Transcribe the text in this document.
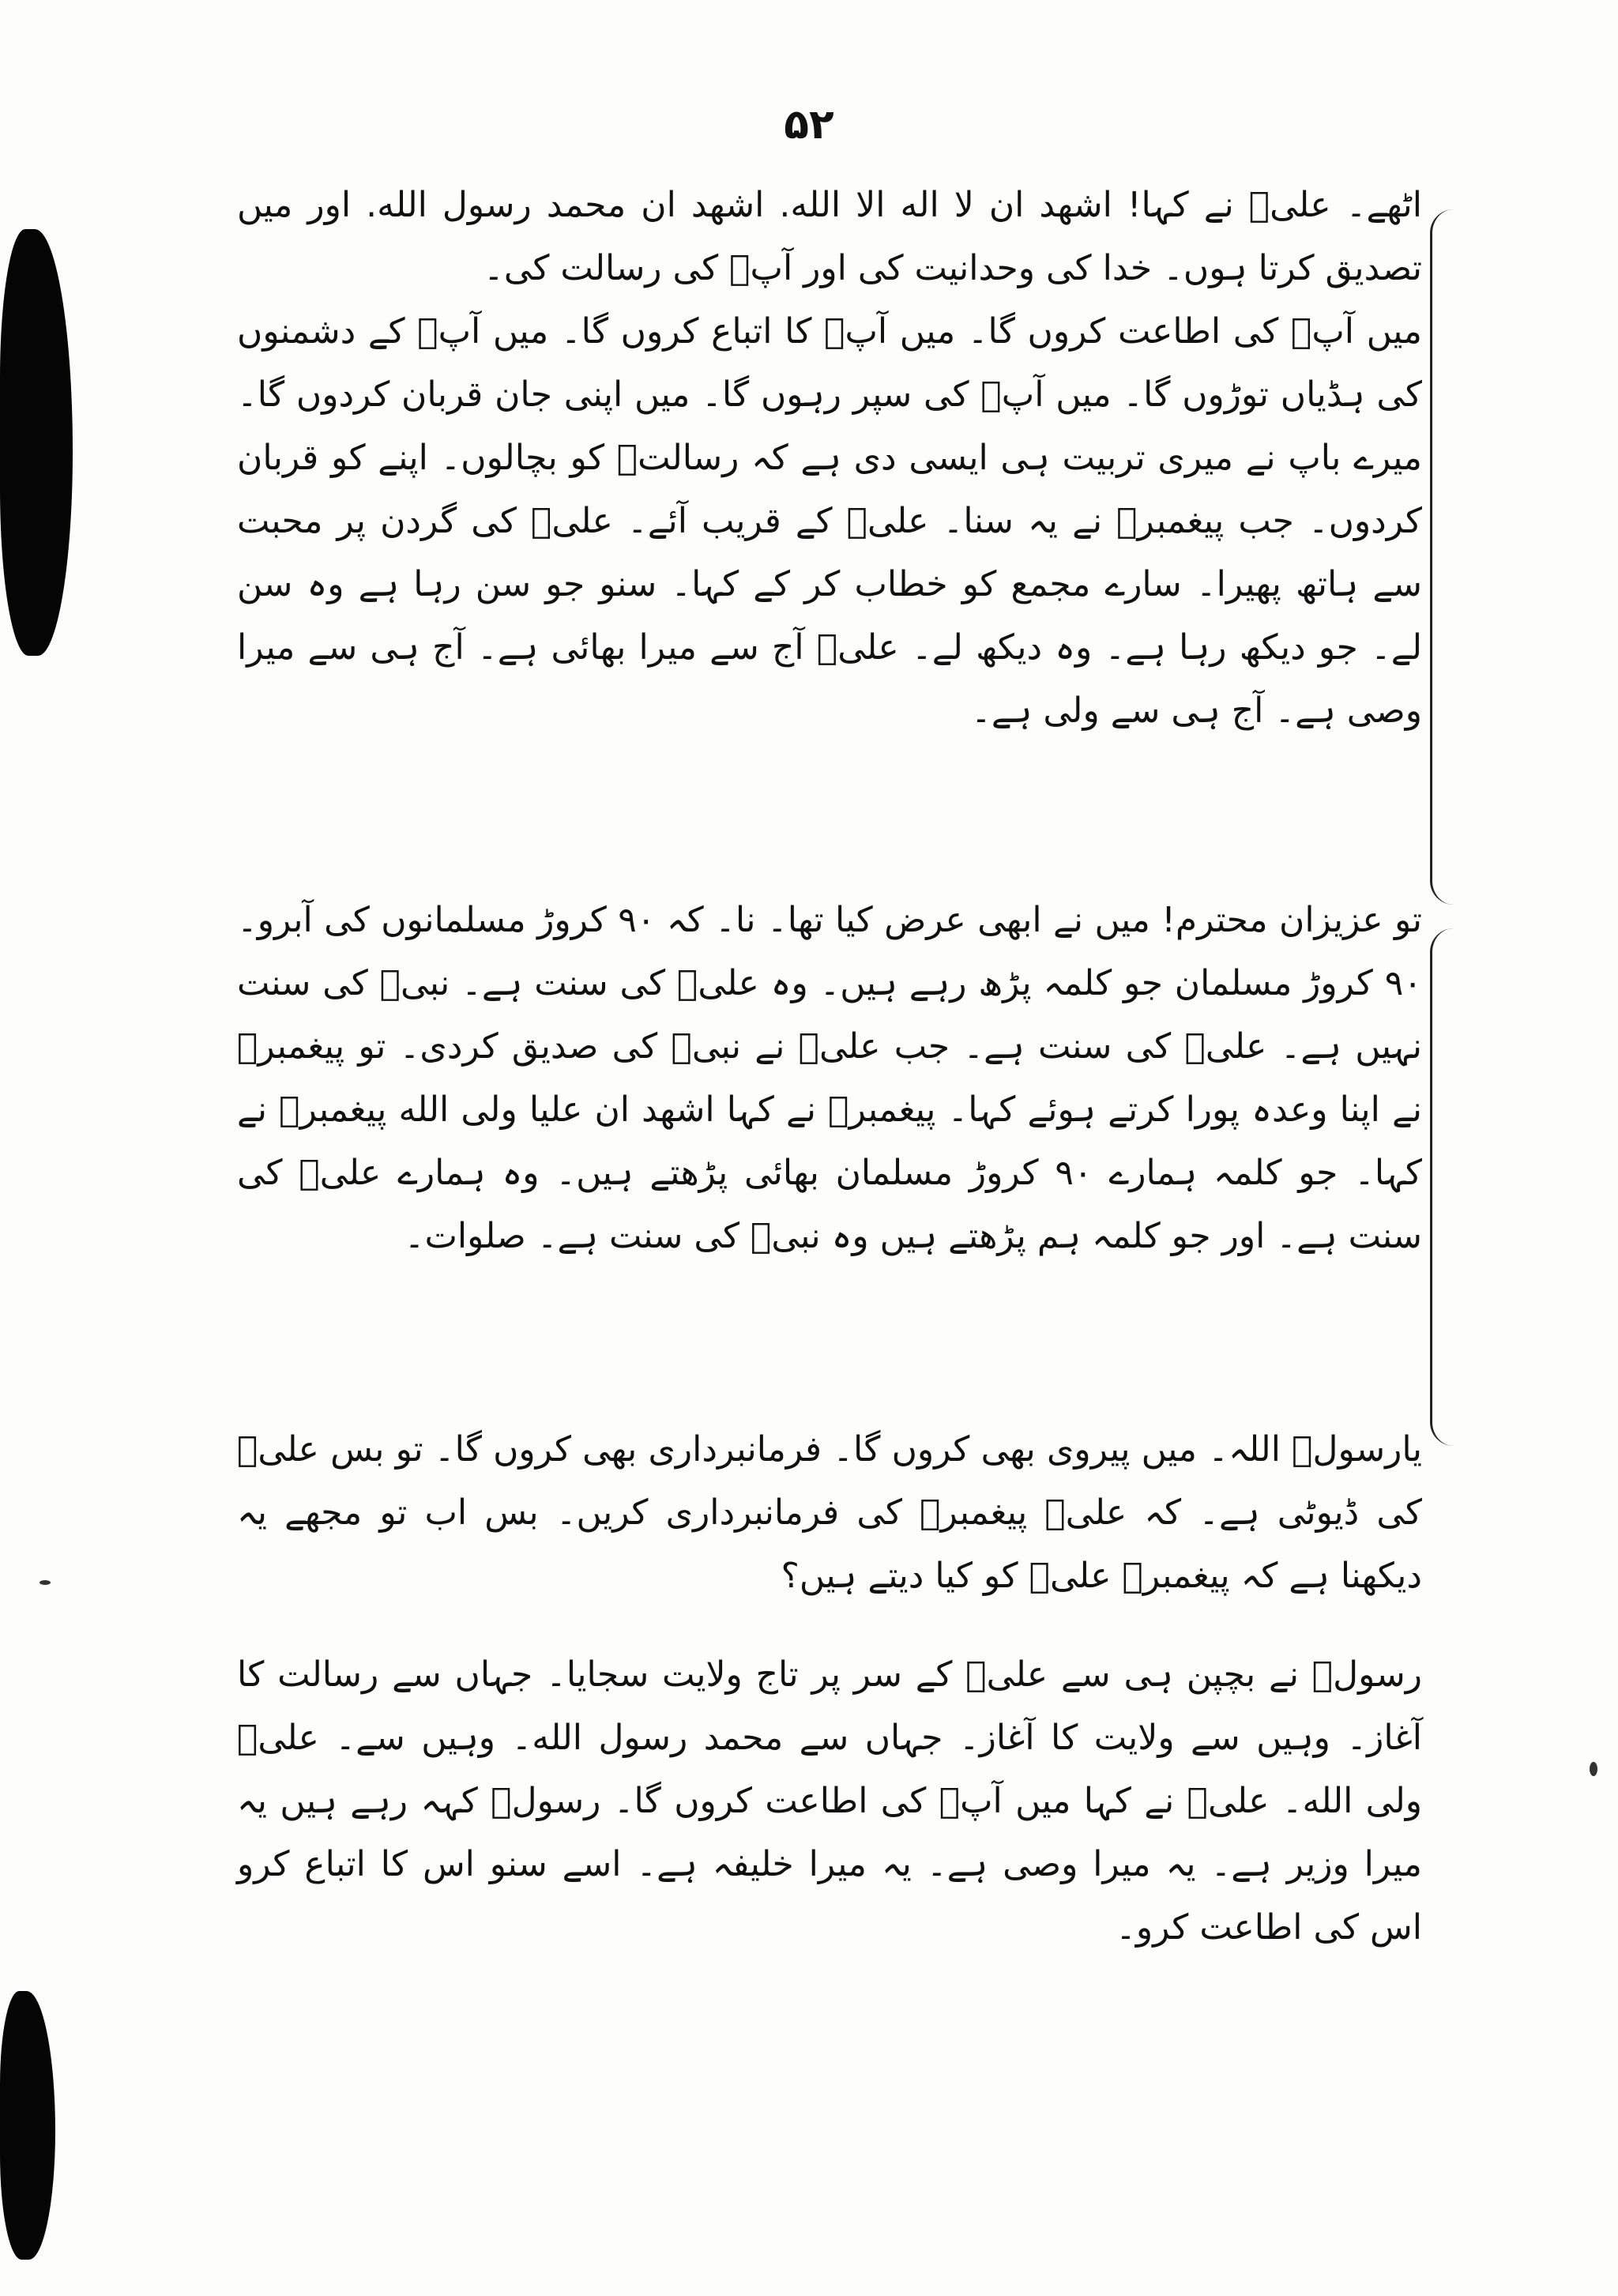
۵۲

اٹھے۔ علیؑ نے کہا! اشهد ان لا اله الا الله. اشهد ان محمد رسول الله. اور میں تصدیق کرتا ہوں۔ خدا کی وحدانیت کی اور آپؐ کی رسالت کی۔

میں آپؐ کی اطاعت کروں گا۔ میں آپؐ کا اتباع کروں گا۔ میں آپؐ کے دشمنوں کی ہڈیاں توڑوں گا۔ میں آپؐ کی سپر رہوں گا۔ میں اپنی جان قربان کردوں گا۔ میرے باپ نے میری تربیت ہی ایسی دی ہے کہ رسالتؐ کو بچالوں۔ اپنے کو قربان کردوں۔ جب پیغمبرؐ نے یہ سنا۔ علیؑ کے قریب آئے۔ علیؑ کی گردن پر محبت سے ہاتھ پھیرا۔ سارے مجمع کو خطاب کر کے کہا۔ سنو جو سن رہا ہے وہ سن لے۔ جو دیکھ رہا ہے۔ وہ دیکھ لے۔ علیؑ آج سے میرا بھائی ہے۔ آج ہی سے میرا وصی ہے۔ آج ہی سے ولی ہے۔

تو عزیزان محترم! میں نے ابھی عرض کیا تھا۔ نا۔ کہ ۹۰ کروڑ مسلمانوں کی آبرو۔ ۹۰ کروڑ مسلمان جو کلمہ پڑھ رہے ہیں۔ وہ علیؑ کی سنت ہے۔ نبیؐ کی سنت نہیں ہے۔ علیؑ کی سنت ہے۔ جب علیؑ نے نبیؐ کی صدیق کردی۔ تو پیغمبرؐ نے اپنا وعدہ پورا کرتے ہوئے کہا۔ پیغمبرؐ نے کہا اشهد ان علیا ولی الله پیغمبرؐ نے کہا۔ جو کلمہ ہمارے ۹۰ کروڑ مسلمان بھائی پڑھتے ہیں۔ وہ ہمارے علیؑ کی سنت ہے۔ اور جو کلمہ ہم پڑھتے ہیں وہ نبیؐ کی سنت ہے۔ صلوات۔

یارسولؐ اللہ۔ میں پیروی بھی کروں گا۔ فرمانبرداری بھی کروں گا۔ تو بس علیؑ کی ڈیوٹی ہے۔ کہ علیؑ پیغمبرؐ کی فرمانبرداری کریں۔ بس اب تو مجھے یہ دیکھنا ہے کہ پیغمبرؐ علیؑ کو کیا دیتے ہیں؟

رسولؐ نے بچپن ہی سے علیؑ کے سر پر تاج ولایت سجایا۔ جہاں سے رسالت کا آغاز۔ وہیں سے ولایت کا آغاز۔ جہاں سے محمد رسول الله۔ وہیں سے۔ علیؑ ولی الله۔ علیؑ نے کہا میں آپؐ کی اطاعت کروں گا۔ رسولؐ کہہ رہے ہیں یہ میرا وزیر ہے۔ یہ میرا وصی ہے۔ یہ میرا خلیفہ ہے۔ اسے سنو اس کا اتباع کرو اس کی اطاعت کرو۔
